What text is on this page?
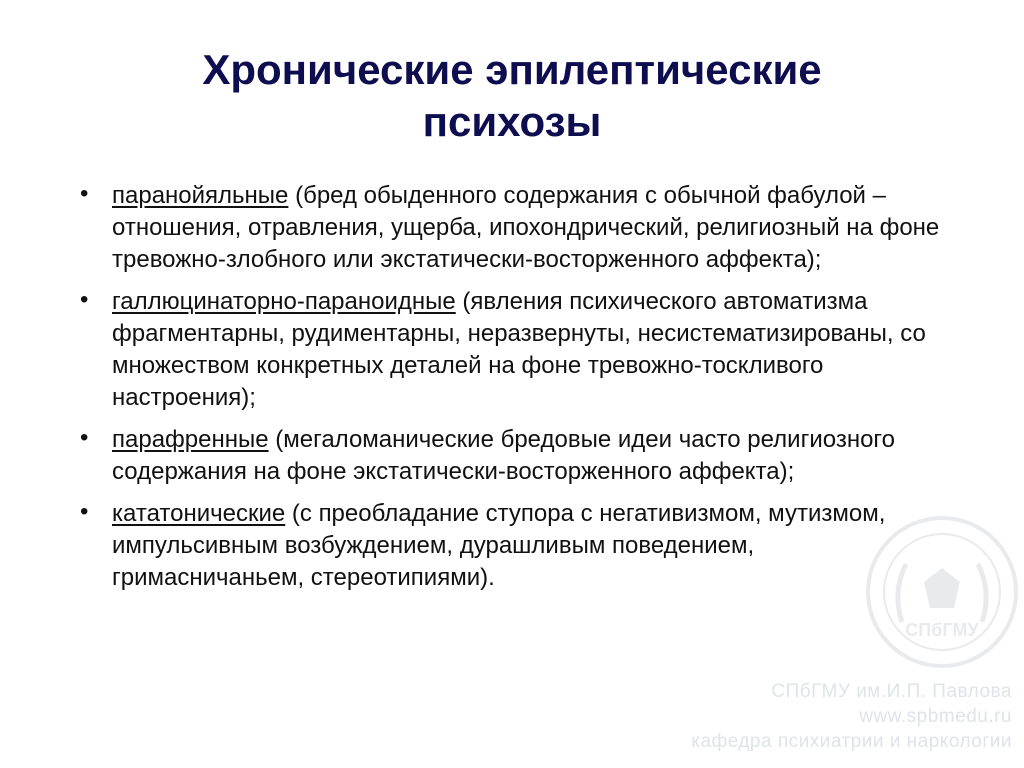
Хронические эпилептические
психозы
• паранойяльные (бред обыденного содержания с обычной фабулой – отношения, отравления, ущерба, ипохондрический, религиозный на фоне тревожно-злобного или экстатически-восторженного аффекта);
• галлюцинаторно-параноидные (явления психического автоматизма фрагментарны, рудиментарны, неразвернуты, несистематизированы, со множеством конкретных деталей на фоне тревожно-тоскливого настроения);
• парафренные (мегаломанические бредовые идеи часто религиозного содержания на фоне экстатически-восторженного аффекта);
• кататонические (с преобладание ступора с негативизмом, мутизмом, импульсивным возбуждением, дурашливым поведением, гримасничаньем, стереотипиями).
СПбГМУ
СПбГМУ им.И.П. Павлова
www.spbmedu.ru
кафедра психиатрии и наркологии
